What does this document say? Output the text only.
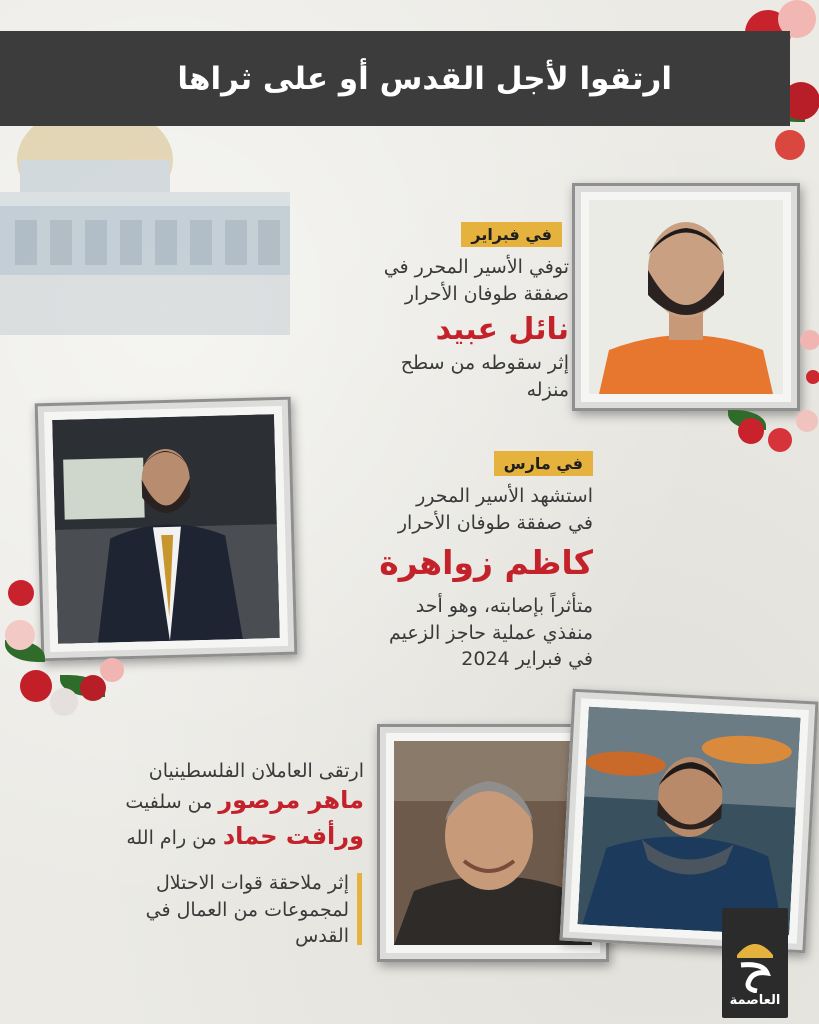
ارتقوا لأجل القدس أو على ثراها
في فبراير
توفي الأسير المحرر في
صفقة طوفان الأحرار
نائل عبيد
إثر سقوطه من سطح
منزله
في مارس
استشهد الأسير المحرر
في صفقة طوفان الأحرار
كاظم زواهرة
متأثراً بإصابته، وهو أحد
منفذي عملية حاجز الزعيم
في فبراير 2024
ارتقى العاملان الفلسطينيان
ماهر مرصور من سلفيت
ورأفت حماد من رام الله
إثر ملاحقة قوات الاحتلال
لمجموعات من العمال في
القدس
العاصمة
